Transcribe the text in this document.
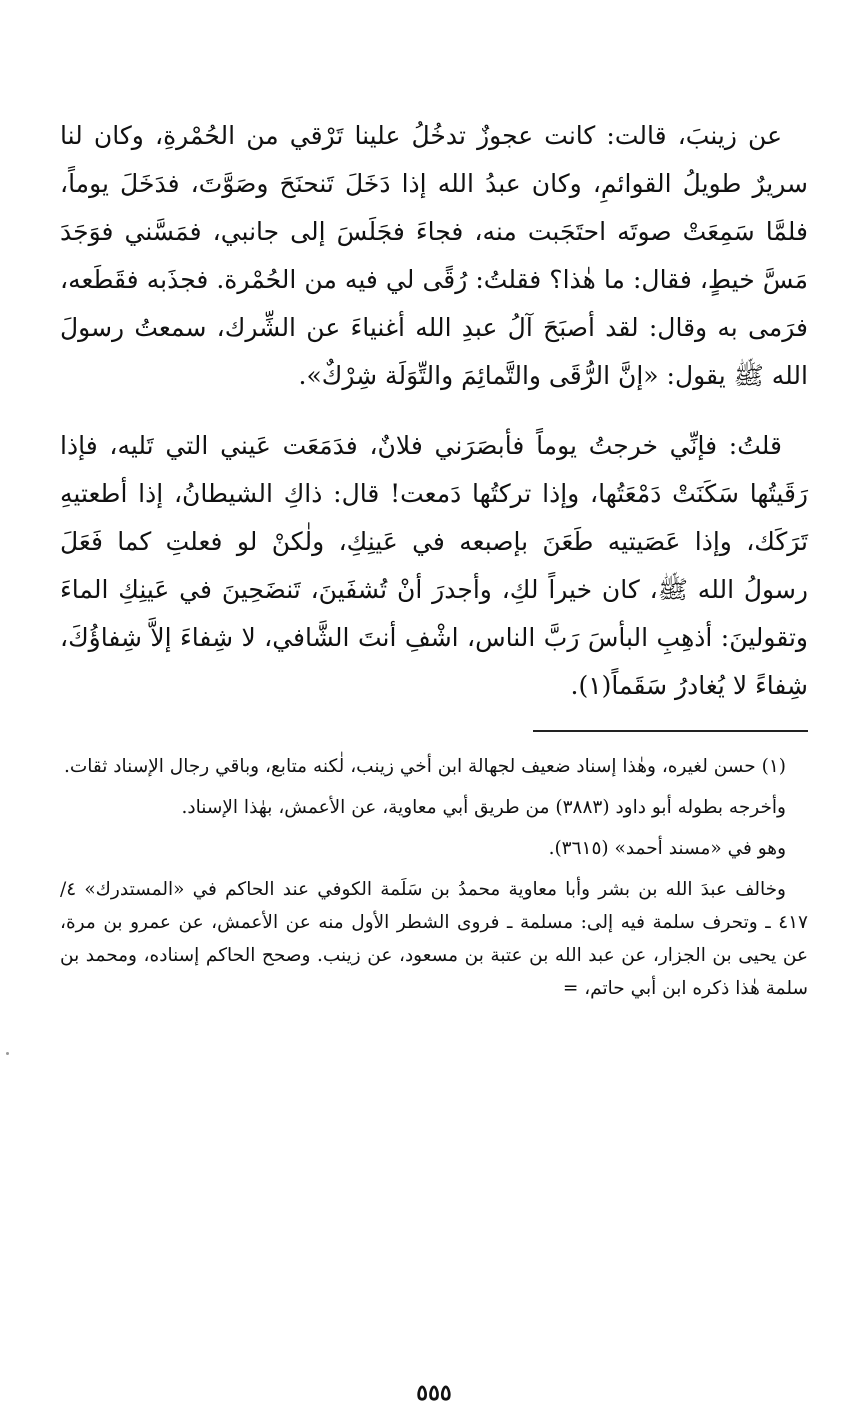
عن زينبَ، قالت: كانت عجوزٌ تدخُلُ علينا تَرْقي من الحُمْرةِ، وكان لنا سريرٌ طويلُ القوائمِ، وكان عبدُ الله إذا دَخَلَ تَنحنَحَ وصَوَّتَ، فدَخَلَ يوماً، فلمَّا سَمِعَتْ صوتَه احتَجَبت منه، فجاءَ فجَلَسَ إلى جانبي، فمَسَّني فوَجَدَ مَسَّ خيطٍ، فقال: ما هٰذا؟ فقلتُ: رُقًى لي فيه من الحُمْرة. فجذَبه فقَطَعه، فرَمى به وقال: لقد أصبَحَ آلُ عبدِ الله أغنياءَ عن الشِّرك، سمعتُ رسولَ الله ﷺ يقول: «إنَّ الرُّقَى والتَّمائِمَ والتِّوَلَة شِرْكٌ».

قلتُ: فإنِّي خرجتُ يوماً فأبصَرَني فلانٌ، فدَمَعَت عَيني التي تَليه، فإذا رَقَيتُها سَكَنَتْ دَمْعَتُها، وإذا تركتُها دَمعت! قال: ذاكِ الشيطانُ، إذا أطعتيهِ تَرَكَك، وإذا عَصَيتيه طَعَنَ بإصبعه في عَينِكِ، ولٰكنْ لو فعلتِ كما فَعَلَ رسولُ الله ﷺ، كان خيراً لكِ، وأجدرَ أنْ تُشفَينَ، تَنضَحِينَ في عَينِكِ الماءَ وتقولينَ: أذهِبِ البأسَ رَبَّ الناس، اشْفِ أنتَ الشَّافي، لا شِفاءَ إلاَّ شِفاؤُكَ، شِفاءً لا يُغادرُ سَقَماً(١).

(١) حسن لغيره، وهٰذا إسناد ضعيف لجهالة ابن أخي زينب، لٰكنه متابع، وباقي رجال الإسناد ثقات.

وأخرجه بطوله أبو داود (٣٨٨٣) من طريق أبي معاوية، عن الأعمش، بهٰذا الإسناد.

وهو في «مسند أحمد» (٣٦١٥).

وخالف عبدَ الله بن بشر وأبا معاوية محمدُ بن سَلَمة الكوفي عند الحاكم في «المستدرك» ٤/ ٤١٧ ـ وتحرف سلمة فيه إلى: مسلمة ـ فروى الشطر الأول منه عن الأعمش، عن عمرو بن مرة، عن يحيى بن الجزار، عن عبد الله بن عتبة بن مسعود، عن زينب. وصحح الحاكم إسناده، ومحمد بن سلمة هٰذا ذكره ابن أبي حاتم، =

٥٥٥
